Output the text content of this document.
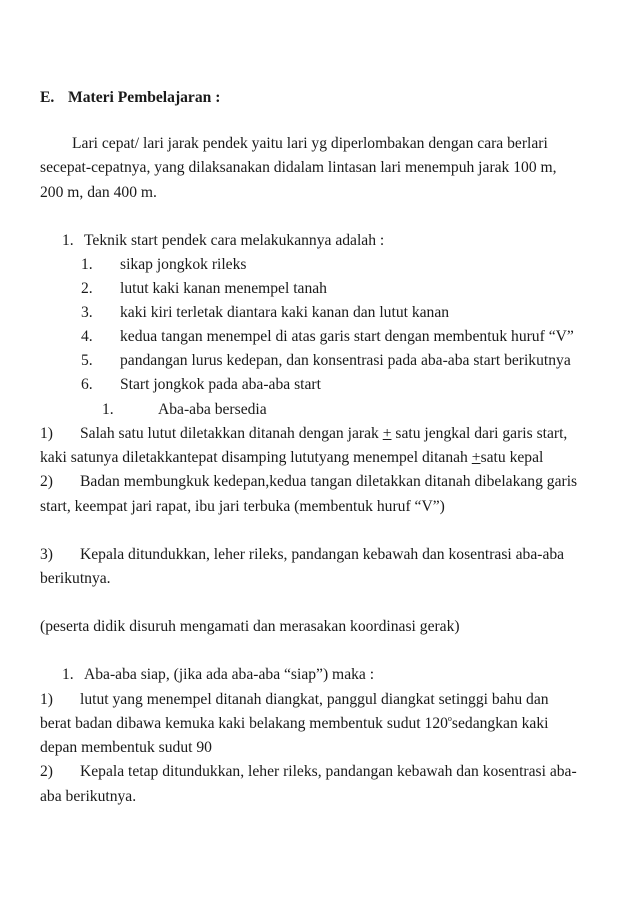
E. Materi Pembelajaran :
Lari cepat/ lari jarak pendek yaitu lari yg diperlombakan dengan cara berlari
secepat-cepatnya, yang dilaksanakan didalam lintasan lari menempuh jarak 100 m,
200 m, dan 400 m.
1. Teknik start pendek cara melakukannya adalah :
1. sikap jongkok rileks
2. lutut kaki kanan menempel tanah
3. kaki kiri terletak diantara kaki kanan dan lutut kanan
4. kedua tangan menempel di atas garis start dengan membentuk huruf “V”
5. pandangan lurus kedepan, dan konsentrasi pada aba-aba start berikutnya
6. Start jongkok pada aba-aba start
1.	Aba-aba bersedia
1) Salah satu lutut diletakkan ditanah dengan jarak + satu jengkal dari garis start,
kaki satunya diletakkantepat disamping lututyang menempel ditanah +satu kepal
2) Badan membungkuk kedepan,kedua tangan diletakkan ditanah dibelakang garis
start, keempat jari rapat, ibu jari terbuka (membentuk huruf “V”)
3) Kepala ditundukkan, leher rileks, pandangan kebawah dan kosentrasi aba-aba
berikutnya.
(peserta didik disuruh mengamati dan merasakan koordinasi gerak)
1. Aba-aba siap, (jika ada aba-aba “siap”) maka :
1) lutut yang menempel ditanah diangkat, panggul diangkat setinggi bahu dan
berat badan dibawa kemuka kaki belakang membentuk sudut 120$^o$sedangkan kaki
depan membentuk sudut 90
2) Kepala tetap ditundukkan, leher rileks, pandangan kebawah dan kosentrasi aba-
aba berikutnya.
